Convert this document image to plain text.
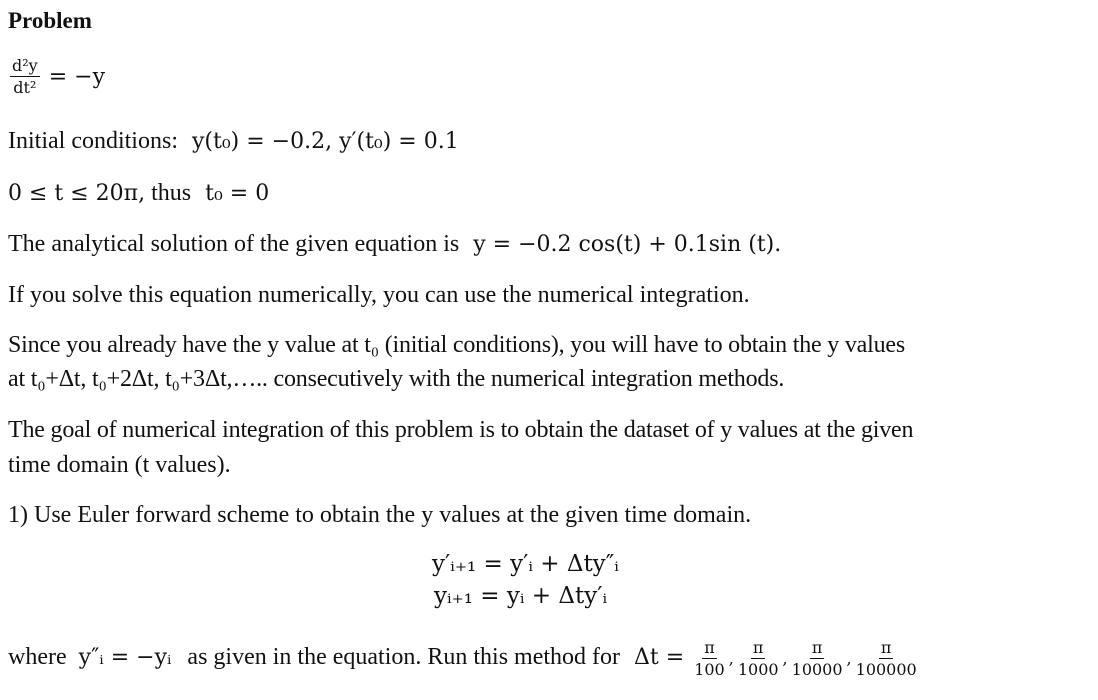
Problem
$\frac{\text{d²y}}{\text{dt²}} = -y$
Initial conditions: y(t₀) = −0.2, y′(t₀) = 0.1
0 ≤ t ≤ 20π, thus t₀ = 0
The analytical solution of the given equation is y = −0.2 cos(t) + 0.1sin (t).
If you solve this equation numerically, you can use the numerical integration.
Since you already have the y value at t₀ (initial conditions), you will have to obtain the y values
at t₀+Δt, t₀+2Δt, t₀+3Δt,….. consecutively with the numerical integration methods.
The goal of numerical integration of this problem is to obtain the dataset of y values at the given
time domain (t values).
1) Use Euler forward scheme to obtain the y values at the given time domain.
y′ᵢ₊₁ = y′ᵢ + Δty″ᵢ
yᵢ₊₁ = yᵢ + Δty′ᵢ
where y″ᵢ = −yᵢ as given in the equation. Run this method for $\Delta t = \frac{\pi}{100}$ , $\frac{\pi}{1000}$ , $\frac{\pi}{10000}$ , $\frac{\pi}{100000}$
